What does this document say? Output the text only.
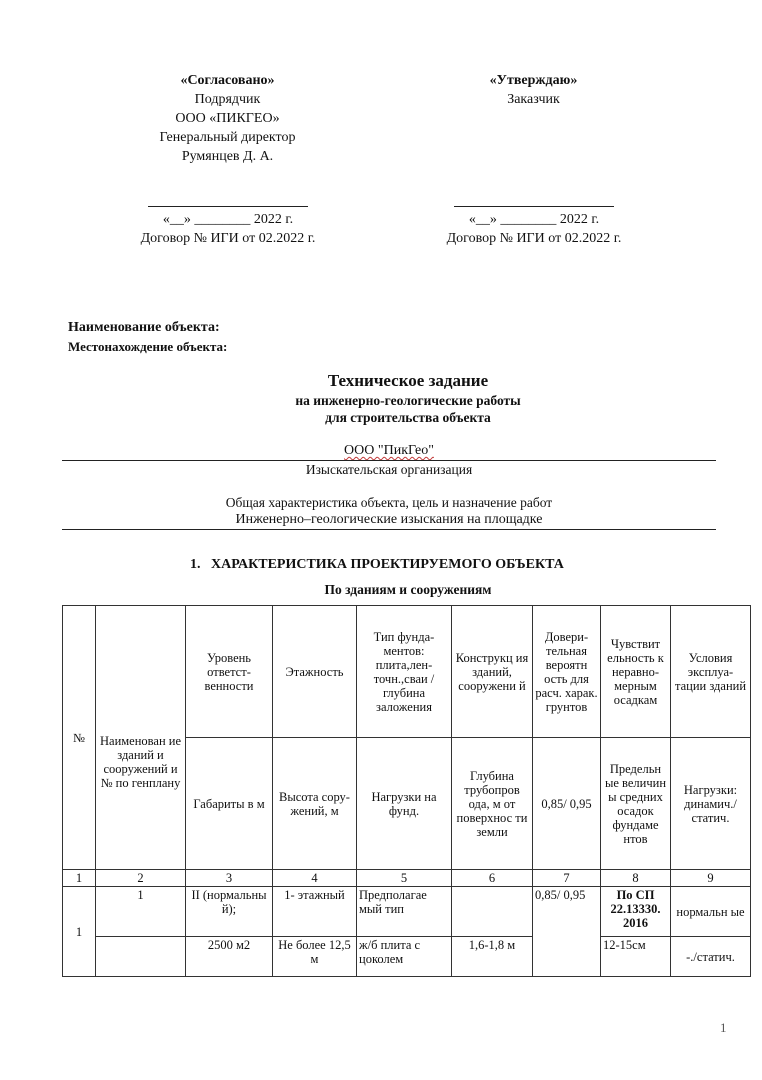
«Согласовано»
Подрядчик
ООО «ПИКГЕО»
Генеральный директор
Румянцев Д. А.
«Утверждаю»
Заказчик
«__» ________ 2022 г.
Договор № ИГИ от 02.2022 г.
«__» ________ 2022 г.
Договор № ИГИ от 02.2022 г.
Наименование объекта:
Местонахождение объекта:
Техническое задание
на инженерно-геологические работы
для строительства объекта
ООО "ПикГео"
Изыскательская организация
Общая характеристика объекта, цель и назначение работ
Инженерно–геологические изыскания на площадке
1.   ХАРАКТЕРИСТИКА ПРОЕКТИРУЕМОГО ОБЪЕКТА
По зданиям и сооружениям
№	Наименован ие зданий и сооружений и № по генплану	Уровень ответст- венности	Этажность	Тип фунда- ментов: плита,лен- точн.,сваи /глубина заложения	Конструкц ия зданий, сооружени й	Довери- тельная вероятн ость для расч. харак. грунтов	Чувствит ельность к неравно- мерным осадкам	Условия эксплуа- тации зданий
		Габариты в м	Высота сору- жений, м	Нагрузки на фунд.	Глубина трубопров ода, м от поверхнос ти земли	0,85/ 0,95	Предельн ые величин ы средних осадок фундаме нтов	Нагрузки: динамич./ статич.
1	2	3	4	5	6	7	8	9
1	1	II (нормальны й);	1- этажный	Предполагае мый тип		0,85/ 0,95	По СП 22.13330. 2016	нормальн ые
		2500 м2	Не более 12,5 м	ж/б плита с цоколем	1,6-1,8 м		12-15см	-./статич.
1
